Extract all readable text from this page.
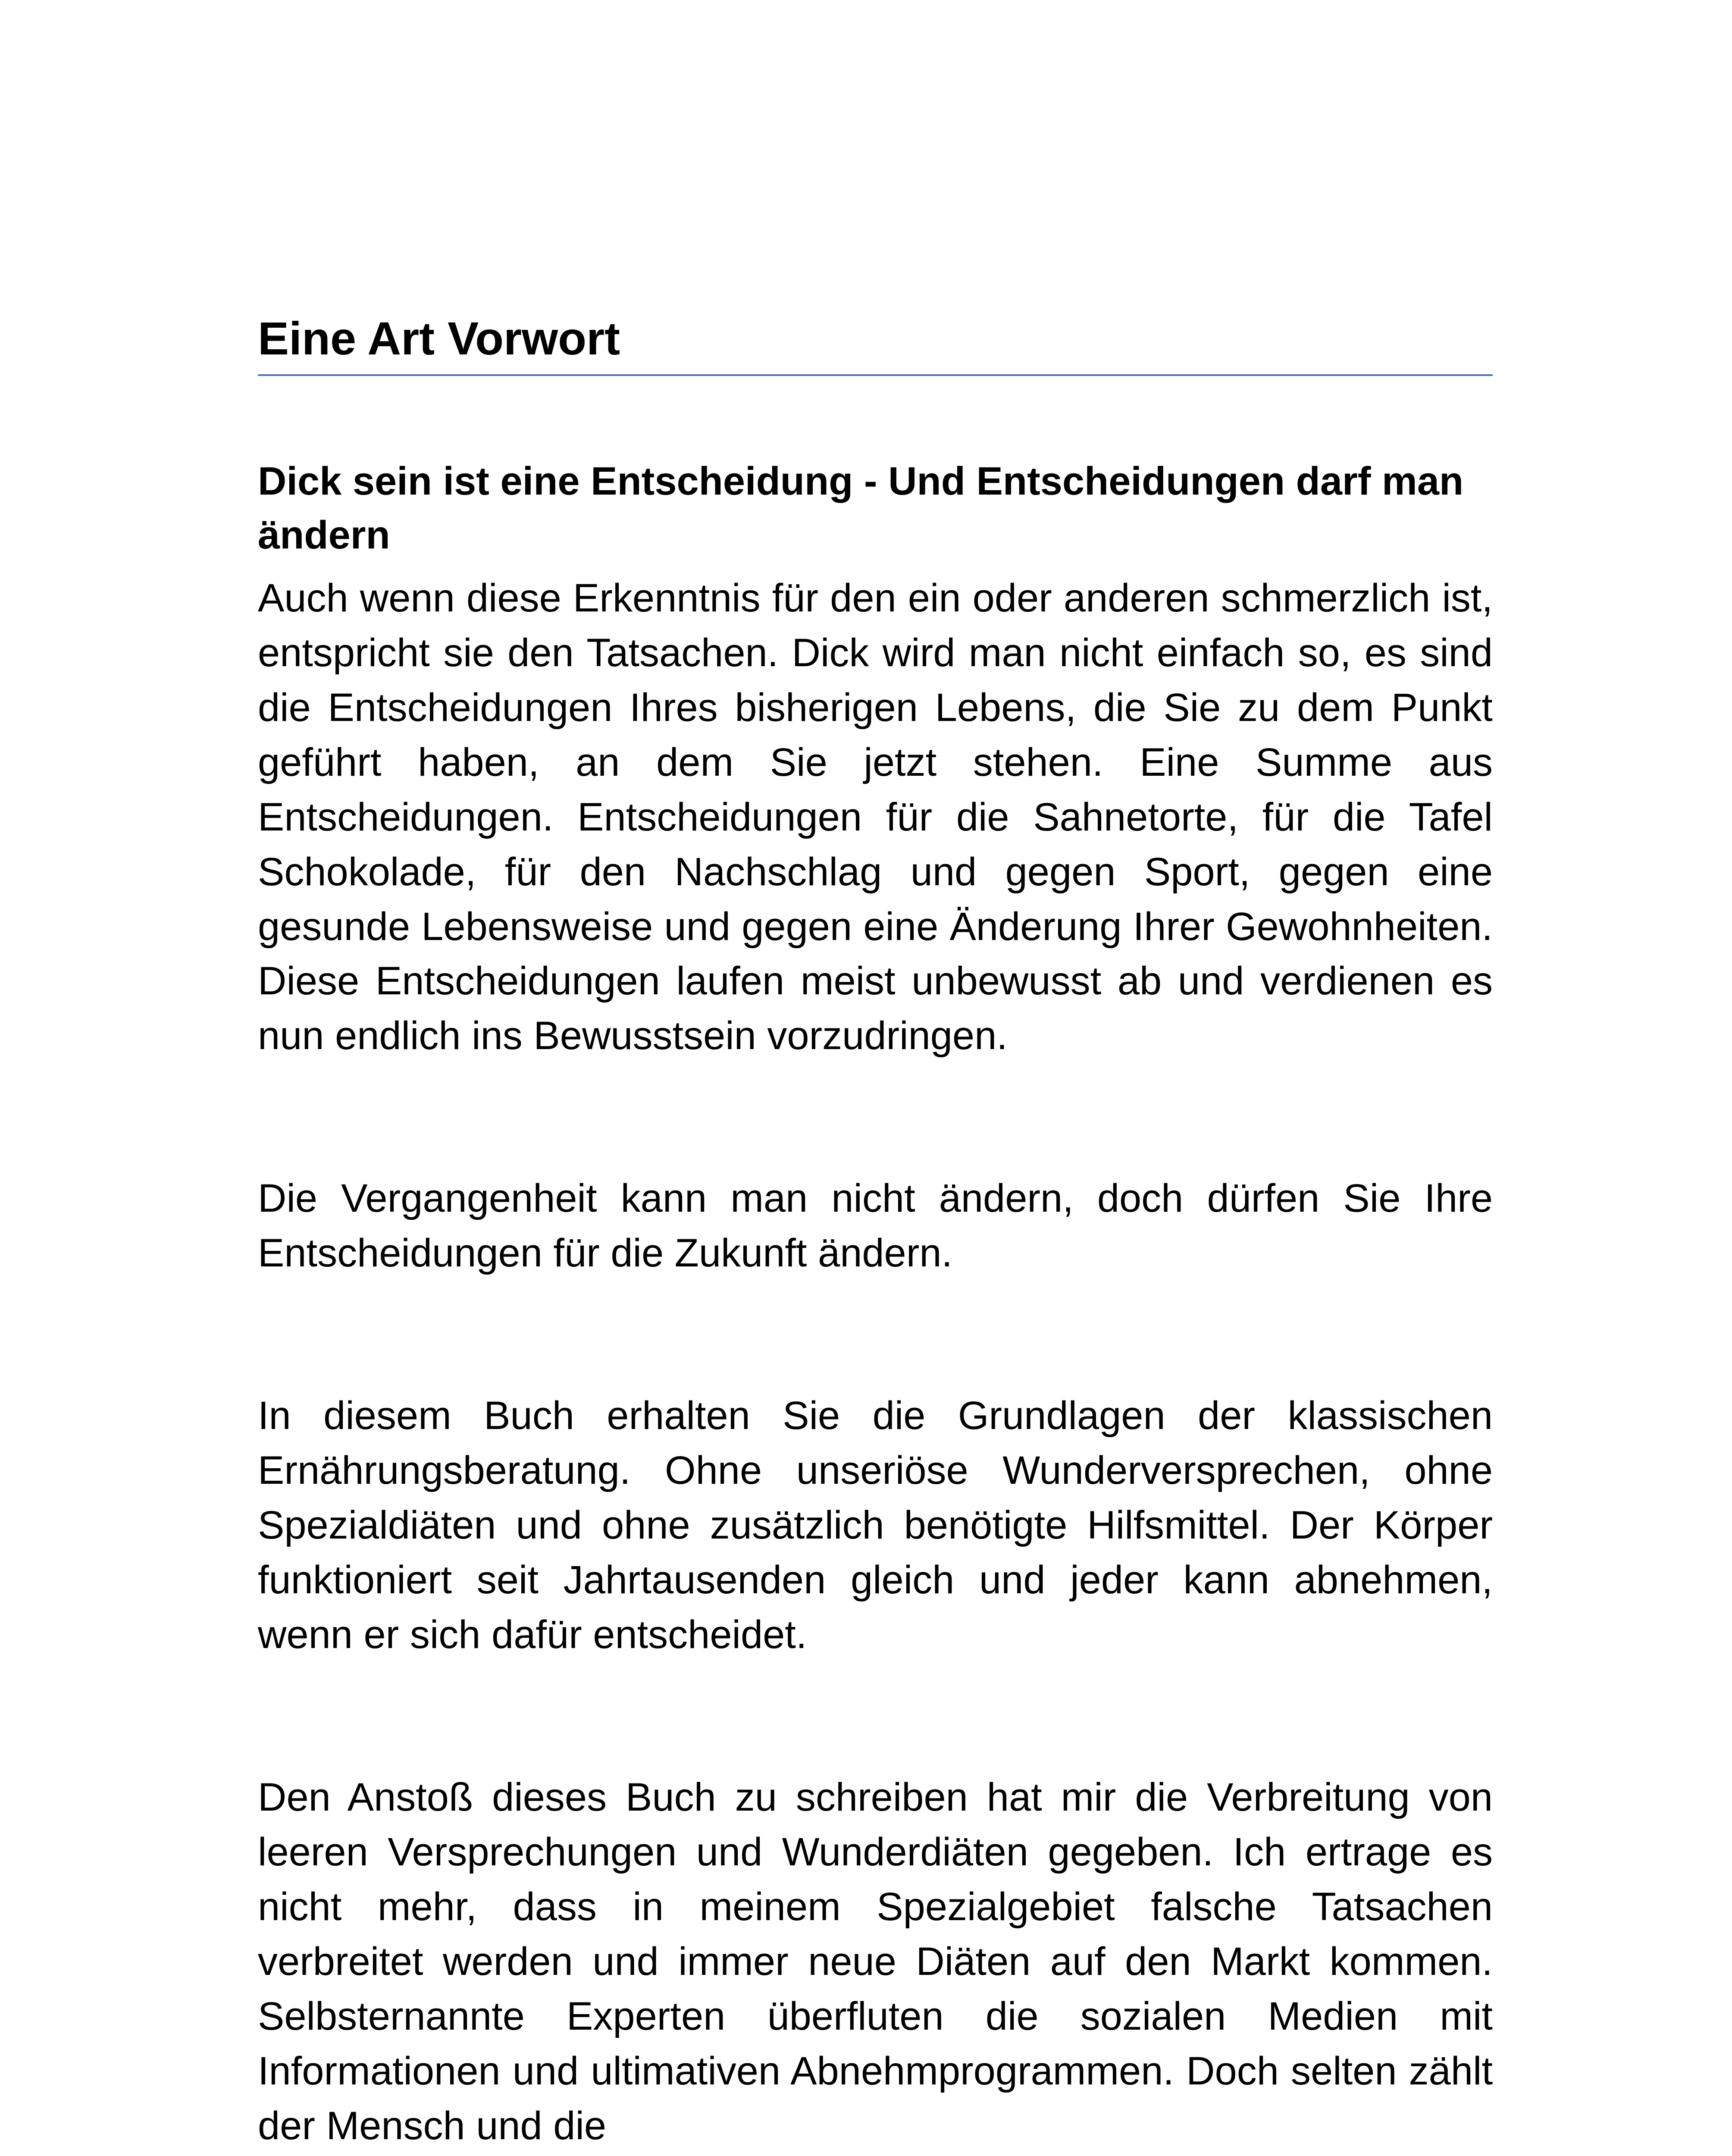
Eine Art Vorwort
Dick sein ist eine Entscheidung - Und Entscheidungen darf man ändern

Auch wenn diese Erkenntnis für den ein oder anderen schmerzlich ist, entspricht sie den Tatsachen. Dick wird man nicht einfach so, es sind die Entscheidungen Ihres bisherigen Lebens, die Sie zu dem Punkt geführt haben, an dem Sie jetzt stehen. Eine Summe aus Entscheidungen. Entscheidungen für die Sahnetorte, für die Tafel Schokolade, für den Nachschlag und gegen Sport, gegen eine gesunde Lebensweise und gegen eine Änderung Ihrer Gewohnheiten. Diese Entscheidungen laufen meist unbewusst ab und verdienen es nun endlich ins Bewusstsein vorzudringen.

Die Vergangenheit kann man nicht ändern, doch dürfen Sie Ihre Entscheidungen für die Zukunft ändern.

In diesem Buch erhalten Sie die Grundlagen der klassischen Ernährungsberatung. Ohne unseriöse Wunderversprechen, ohne Spezialdiäten und ohne zusätzlich benötigte Hilfsmittel. Der Körper funktioniert seit Jahrtausenden gleich und jeder kann abnehmen, wenn er sich dafür entscheidet.

Den Anstoß dieses Buch zu schreiben hat mir die Verbreitung von leeren Versprechungen und Wunderdiäten gegeben. Ich ertrage es nicht mehr, dass in meinem Spezialgebiet falsche Tatsachen verbreitet werden und immer neue Diäten auf den Markt kommen. Selbsternannte Experten überfluten die sozialen Medien mit Informationen und ultimativen Abnehmprogrammen. Doch selten zählt der Mensch und die
